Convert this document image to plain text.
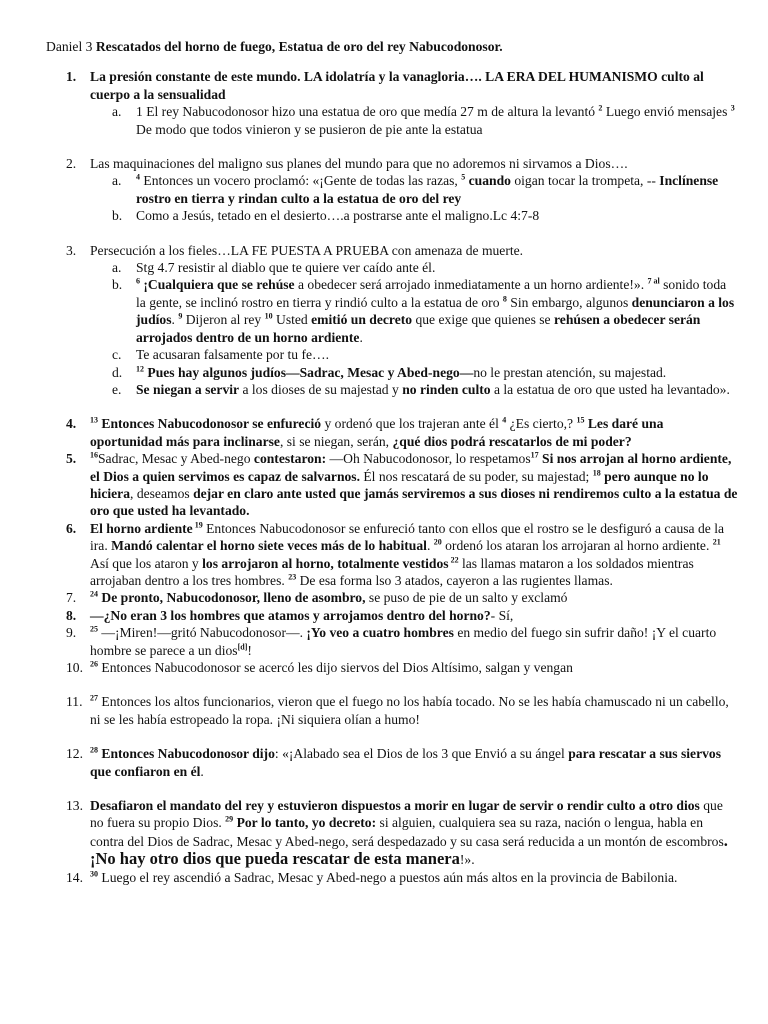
Daniel 3 Rescatados del horno de fuego, Estatua de oro del rey Nabucodonosor.

1. La presión constante de este mundo. LA idolatría y la vanagloria…. LA ERA DEL HUMANISMO culto al cuerpo a la sensualidad
a. 1 El rey Nabucodonosor hizo una estatua de oro que medía 27 m de altura la levantó $^2$ Luego envió mensajes $^3$ De modo que todos vinieron y se pusieron de pie ante la estatua
2. Las maquinaciones del maligno sus planes del mundo para que no adoremos ni sirvamos a Dios….
a. $^4$ Entonces un vocero proclamó: «¡Gente de todas las razas, $^5$ cuando oigan tocar la trompeta, -- Inclínense rostro en tierra y rindan culto a la estatua de oro del rey
b. Como a Jesús, tetado en el desierto….a postrarse ante el maligno.Lc 4:7-8
3. Persecución a los fieles…LA FE PUESTA A PRUEBA con amenaza de muerte.
a. Stg 4.7 resistir al diablo que te quiere ver caído ante él.
b. $^6$ ¡Cualquiera que se rehúse a obedecer será arrojado inmediatamente a un horno ardiente!». $^{7 al}$ sonido toda la gente, se inclinó rostro en tierra y rindió culto a la estatua de oro $^8$ Sin embargo, algunos denunciaron a los judíos. $^9$ Dijeron al rey $^{10}$ Usted emitió un decreto que exige que quienes se rehúsen a obedecer serán arrojados dentro de un horno ardiente.
c. Te acusaran falsamente por tu fe….
d. $^{12}$ Pues hay algunos judíos—Sadrac, Mesac y Abed-nego—no le prestan atención, su majestad.
e. Se niegan a servir a los dioses de su majestad y no rinden culto a la estatua de oro que usted ha levantado».
4. $^{13}$ Entonces Nabucodonosor se enfureció y ordenó que los trajeran ante él $^4$ ¿Es cierto,? $^{15}$ Les daré una oportunidad más para inclinarse, si se niegan, serán, ¿qué dios podrá rescatarlos de mi poder?
5. $^{16}$Sadrac, Mesac y Abed-nego contestaron: —Oh Nabucodonosor, lo respetamos$^{17}$ Si nos arrojan al horno ardiente, el Dios a quien servimos es capaz de salvarnos. Él nos rescatará de su poder, su majestad; $^{18}$ pero aunque no lo hiciera, deseamos dejar en claro ante usted que jamás serviremos a sus dioses ni rendiremos culto a la estatua de oro que usted ha levantado.
6. El horno ardiente $^{19}$ Entonces Nabucodonosor se enfureció tanto con ellos que el rostro se le desfiguró a causa de la ira. Mandó calentar el horno siete veces más de lo habitual. $^{20}$ ordenó los ataran los arrojaran al horno ardiente. $^{21}$ Así que los ataron y los arrojaron al horno, totalmente vestidos $^{22}$ las llamas mataron a los soldados mientras arrojaban dentro a los tres hombres. $^{23}$ De esa forma lso 3 atados, cayeron a las rugientes llamas.
7. $^{24}$ De pronto, Nabucodonosor, lleno de asombro, se puso de pie de un salto y exclamó
8. —¿No eran 3 los hombres que atamos y arrojamos dentro del horno?- Sí,
9. $^{25}$ —¡Miren!—gritó Nabucodonosor—. ¡Yo veo a cuatro hombres en medio del fuego sin sufrir daño! ¡Y el cuarto hombre se parece a un dios[d]!
10. $^{26}$ Entonces Nabucodonosor se acercó les dijo siervos del Dios Altísimo, salgan y vengan
11. $^{27}$ Entonces los altos funcionarios, vieron que el fuego no los había tocado. No se les había chamuscado ni un cabello, ni se les había estropeado la ropa. ¡Ni siquiera olían a humo!
12. $^{28}$ Entonces Nabucodonosor dijo: «¡Alabado sea el Dios de los 3 que Envió a su ángel para rescatar a sus siervos que confiaron en él.
13. Desafiaron el mandato del rey y estuvieron dispuestos a morir en lugar de servir o rendir culto a otro dios que no fuera su propio Dios. $^{29}$ Por lo tanto, yo decreto: si alguien, cualquiera sea su raza, nación o lengua, habla en contra del Dios de Sadrac, Mesac y Abed-nego, será despedazado y su casa será reducida a un montón de escombros. ¡No hay otro dios que pueda rescatar de esta manera!».
14. $^{30}$ Luego el rey ascendió a Sadrac, Mesac y Abed-nego a puestos aún más altos en la provincia de Babilonia.
